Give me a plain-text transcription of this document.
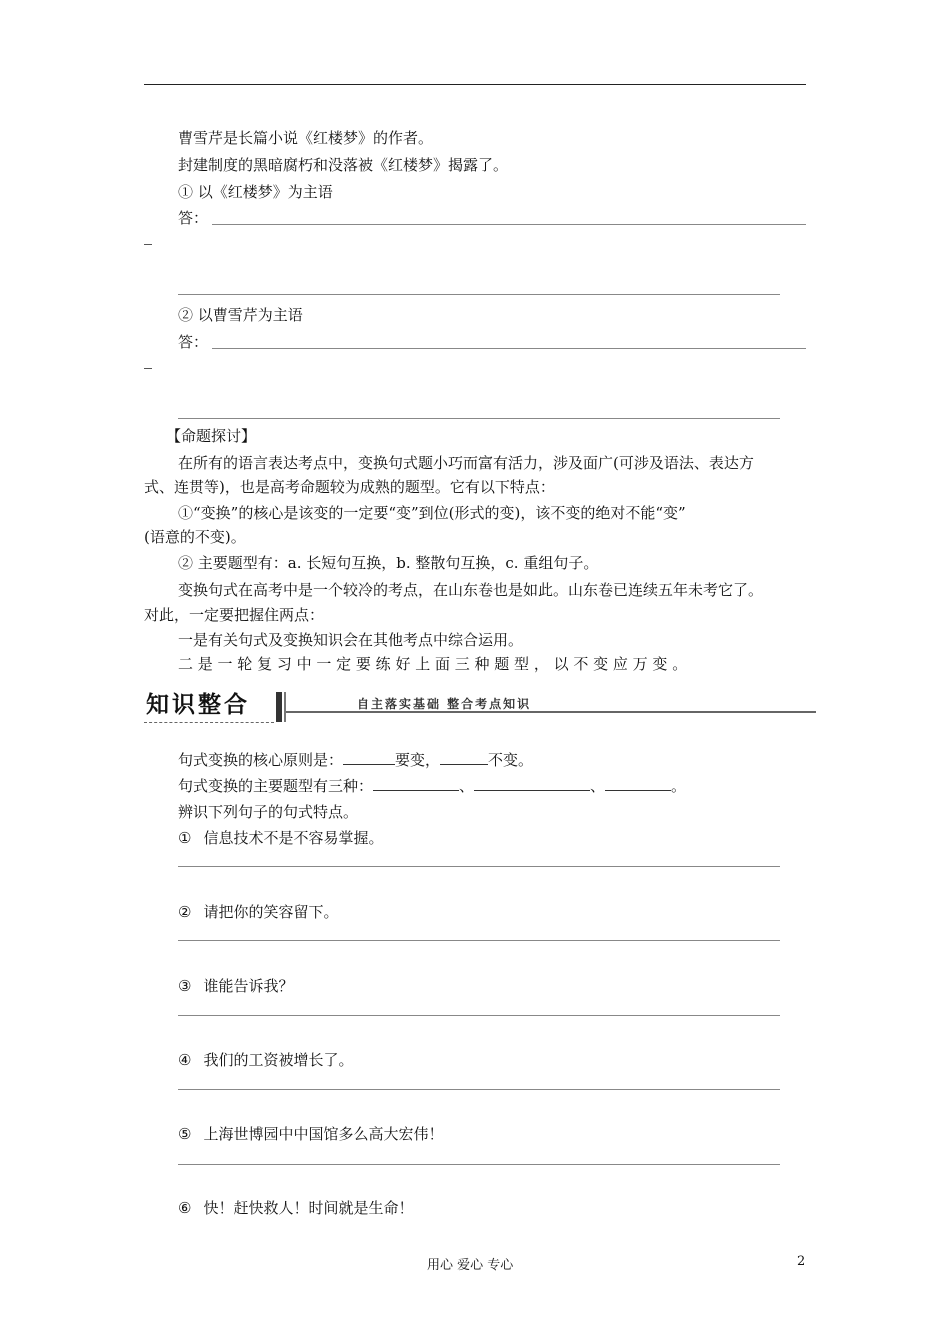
曹雪芹是长篇小说《红楼梦》的作者。
封建制度的黑暗腐朽和没落被《红楼梦》揭露了。
① 以《红楼梦》为主语
答：
② 以曹雪芹为主语
答：
【命题探讨】
在所有的语言表达考点中，变换句式题小巧而富有活力，涉及面广(可涉及语法、表达方
式、连贯等)，也是高考命题较为成熟的题型。它有以下特点：
①“变换”的核心是该变的一定要“变”到位(形式的变)，该不变的绝对不能“变”
(语意的不变)。
② 主要题型有：a. 长短句互换，b. 整散句互换，c. 重组句子。
变换句式在高考中是一个较冷的考点，在山东卷也是如此。山东卷已连续五年未考它了。
对此，一定要把握住两点：
一是有关句式及变换知识会在其他考点中综合运用。
二 是 一 轮 复 习 中 一 定 要 练 好 上 面 三 种 题 型 ， 以 不 变 应 万 变 。
知识整合	自主落实基础 整合考点知识
句式变换的核心原则是：	要变，	不变。
句式变换的主要题型有三种：	、	、	。
辨识下列句子的句式特点。
① 信息技术不是不容易掌握。
② 请把你的笑容留下。
③ 谁能告诉我？
④ 我们的工资被增长了。
⑤ 上海世博园中中国馆多么高大宏伟！
⑥ 快！赶快救人！时间就是生命！
用心 爱心 专心	2
